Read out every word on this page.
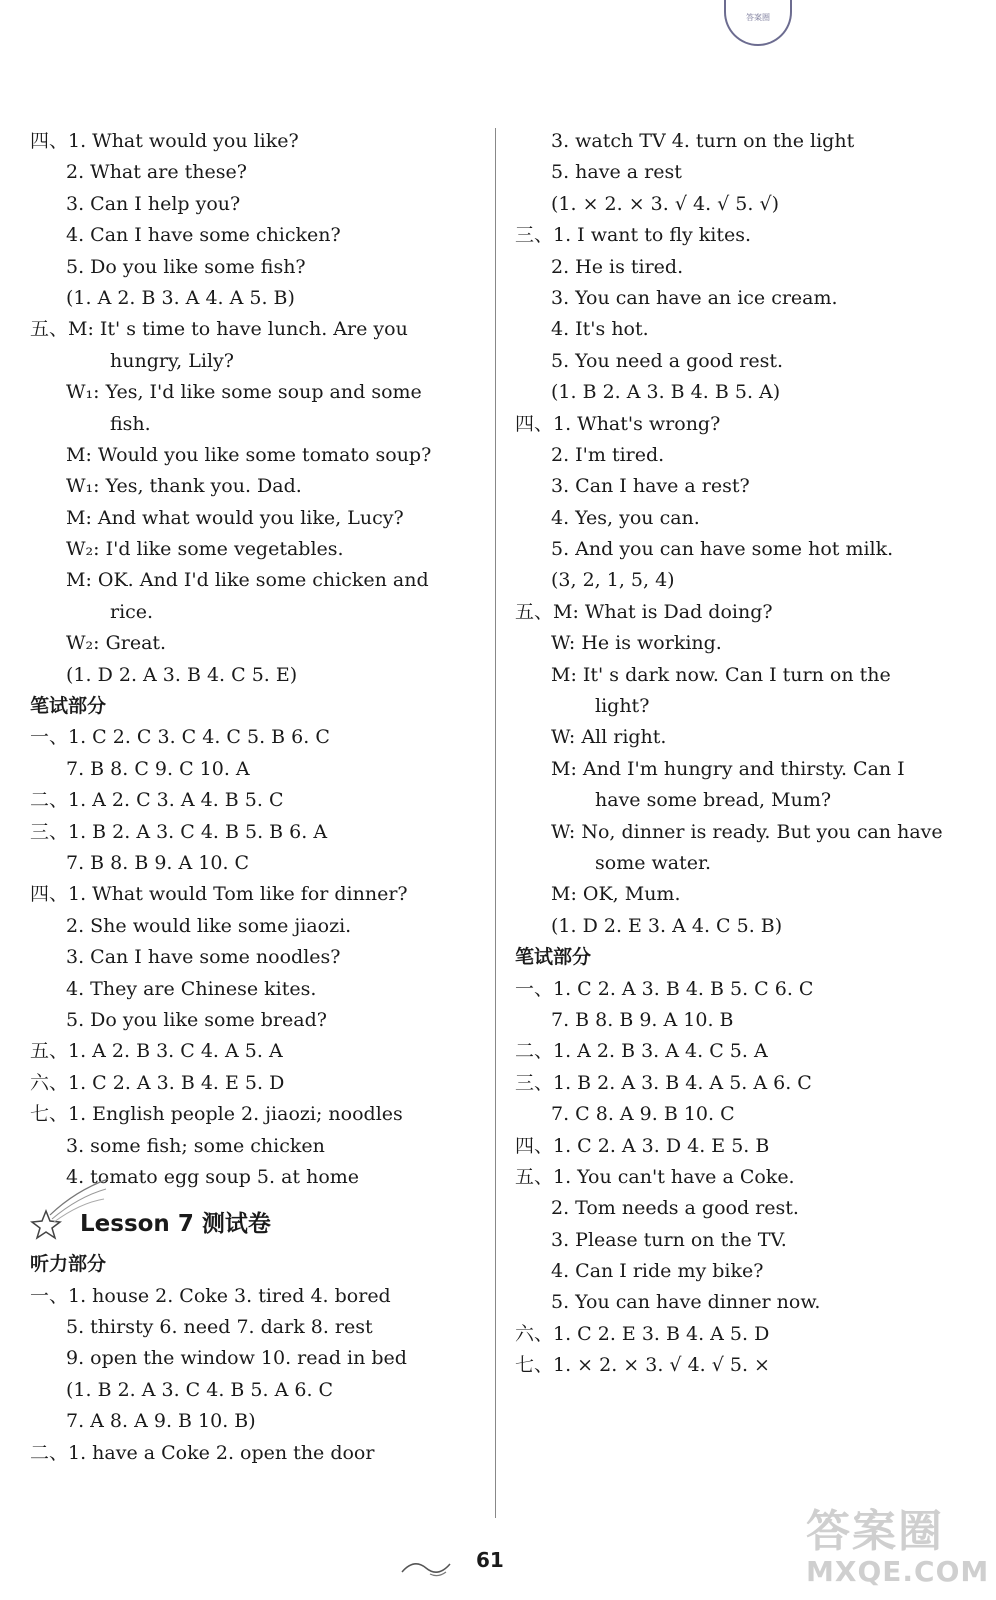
答案圈
四、1. What would you like?
2. What are these?
3. Can I help you?
4. Can I have some chicken?
5. Do you like some fish?
(1. A 2. B 3. A 4. A 5. B)
五、M: It' s time to have lunch. Are you
hungry, Lily?
W₁: Yes, I'd like some soup and some
fish.
M: Would you like some tomato soup?
W₁: Yes, thank you. Dad.
M: And what would you like, Lucy?
W₂: I'd like some vegetables.
M: OK. And I'd like some chicken and
rice.
W₂: Great.
(1. D 2. A 3. B 4. C 5. E)
笔试部分
一、1. C 2. C 3. C 4. C 5. B 6. C
7. B 8. C 9. C 10. A
二、1. A 2. C 3. A 4. B 5. C
三、1. B 2. A 3. C 4. B 5. B 6. A
7. B 8. B 9. A 10. C
四、1. What would Tom like for dinner?
2. She would like some jiaozi.
3. Can I have some noodles?
4. They are Chinese kites.
5. Do you like some bread?
五、1. A 2. B 3. C 4. A 5. A
六、1. C 2. A 3. B 4. E 5. D
七、1. English people 2. jiaozi; noodles
3. some fish; some chicken
4. tomato egg soup 5. at home
Lesson 7 测试卷
听力部分
一、1. house 2. Coke 3. tired 4. bored
5. thirsty 6. need 7. dark 8. rest
9. open the window 10. read in bed
(1. B 2. A 3. C 4. B 5. A 6. C
7. A 8. A 9. B 10. B)
二、1. have a Coke 2. open the door
3. watch TV 4. turn on the light
5. have a rest
(1. × 2. × 3. √ 4. √ 5. √)
三、1. I want to fly kites.
2. He is tired.
3. You can have an ice cream.
4. It's hot.
5. You need a good rest.
(1. B 2. A 3. B 4. B 5. A)
四、1. What's wrong?
2. I'm tired.
3. Can I have a rest?
4. Yes, you can.
5. And you can have some hot milk.
(3, 2, 1, 5, 4)
五、M: What is Dad doing?
W: He is working.
M: It' s dark now. Can I turn on the
light?
W: All right.
M: And I'm hungry and thirsty. Can I
have some bread, Mum?
W: No, dinner is ready. But you can have
some water.
M: OK, Mum.
(1. D 2. E 3. A 4. C 5. B)
笔试部分
一、1. C 2. A 3. B 4. B 5. C 6. C
7. B 8. B 9. A 10. B
二、1. A 2. B 3. A 4. C 5. A
三、1. B 2. A 3. B 4. A 5. A 6. C
7. C 8. A 9. B 10. C
四、1. C 2. A 3. D 4. E 5. B
五、1. You can't have a Coke.
2. Tom needs a good rest.
3. Please turn on the TV.
4. Can I ride my bike?
5. You can have dinner now.
六、1. C 2. E 3. B 4. A 5. D
七、1. × 2. × 3. √ 4. √ 5. ×
61
答案圈
MXQE.COM
